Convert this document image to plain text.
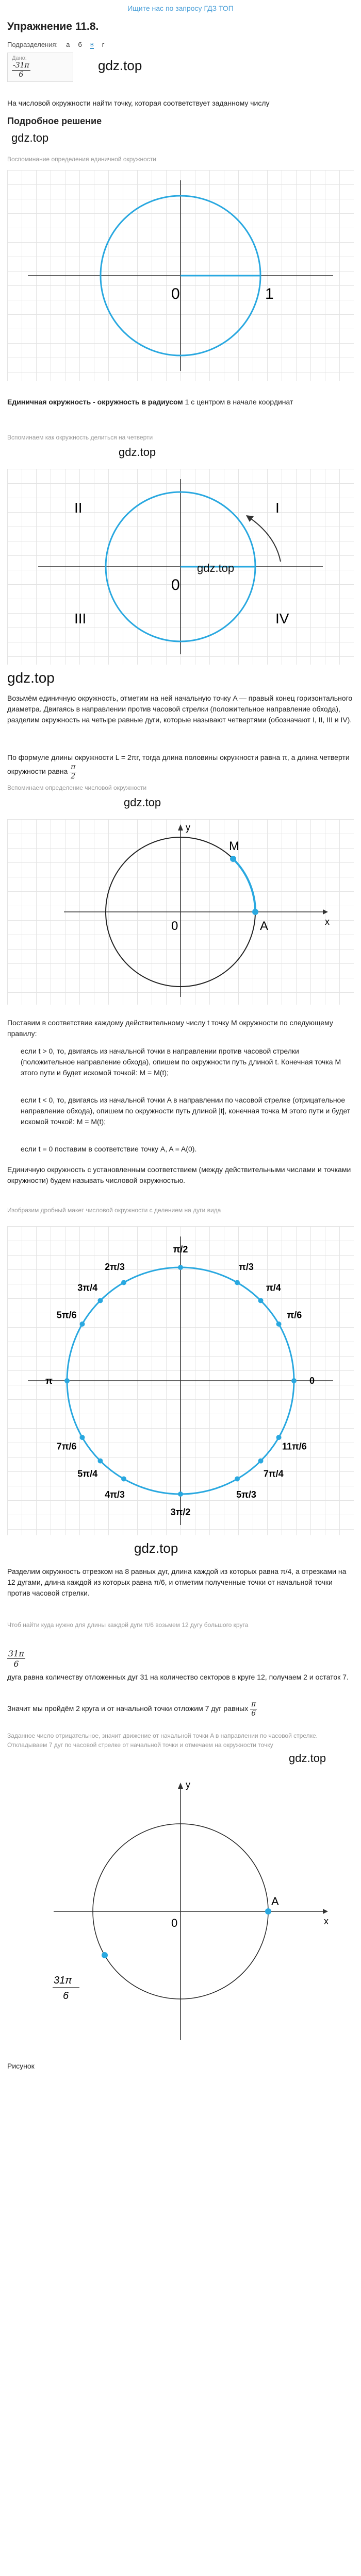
Ищите нас по запросу ГДЗ ТОП
Упражнение 11.8.
Подразделения: а б в г
Дано:
$\frac{-31\pi}{6}$	gdz.top

На числовой окружности найти точку, которая соответствует заданному числу

Подробное решение
gdz.top

Воспоминание определения единичной окружности

0	1

Единичная окружность - окружность в радиусом 1 с центром в начале координат

Вспоминаем как окружность делиться на четверти

gdz.top
I
II
III	IV
0
gdz.top
gdz.top

Возьмём единичную окружность, отметим на ней начальную точку A — правый конец горизонтального диаметра. Двигаясь в направлении против часовой стрелки (положительное направление обхода), разделим окружность на четыре равные дуги, которые называют четвертями (обозначают I, II, III и IV).

По формуле длины окружности L = 2πr, тогда длина половины окружности равна π, а длина четверти окружности равна $\frac{\pi}{2}$

Вспоминаем определение числовой окружности

gdz.top
M
A
0	x
y

Поставим в соответствие каждому действительному числу t точку M окружности по следующему правилу:

если t > 0, то, двигаясь из начальной точки в направлении против часовой стрелки (положительное направление обхода), опишем по окружности путь длиной t. Конечная точка M этого пути и будет искомой точкой: M = M(t);

если t < 0, то, двигаясь из начальной точки A в направлении по часовой стрелке (отрицательное направление обхода), опишем по окружности путь длиной |t|, конечная точка M этого пути и будет искомой точкой: M = M(t);

если t = 0 поставим в соответствие точку A, A = A(0).

Единичную окружность с установленным соответствием (между действительными числами и точками окружности) будем называть числовой окружностью.

Изобразим дробный макет числовой окружности с делением на дуги вида

π/2
π/3
π/4
π/6
0
11π/6
7π/4
5π/3
3π/2
4π/3
5π/4
7π/6
π
5π/6
3π/4
2π/3
gdz.top

Разделим окружность отрезком на 8 равных дуг, длина каждой из которых равна π/4, а отрезками на 12 дугами, длина каждой из которых равна π/6, и отметим полученные точки от начальной точки против часовой стрелки.

Чтоб найти куда нужно для длины каждой дуги π/6 возьмем 12 дугу большого круга

$\frac{31\pi}{6}$

дуга равна количеству отложенных дуг 31 на количество секторов в круге 12, получаем 2 и остаток 7.

Значит мы пройдём 2 круга и от начальной точки отложим 7 дуг равных $\frac{\pi}{6}$

Заданное число отрицательное, значит движение от начальной точки A в направлении по часовой стрелке. Откладываем 7 дуг по часовой стрелке от начальной точки и отмечаем на окружности точку

gdz.top
A
0	x
y
31π
6

Рисунок
